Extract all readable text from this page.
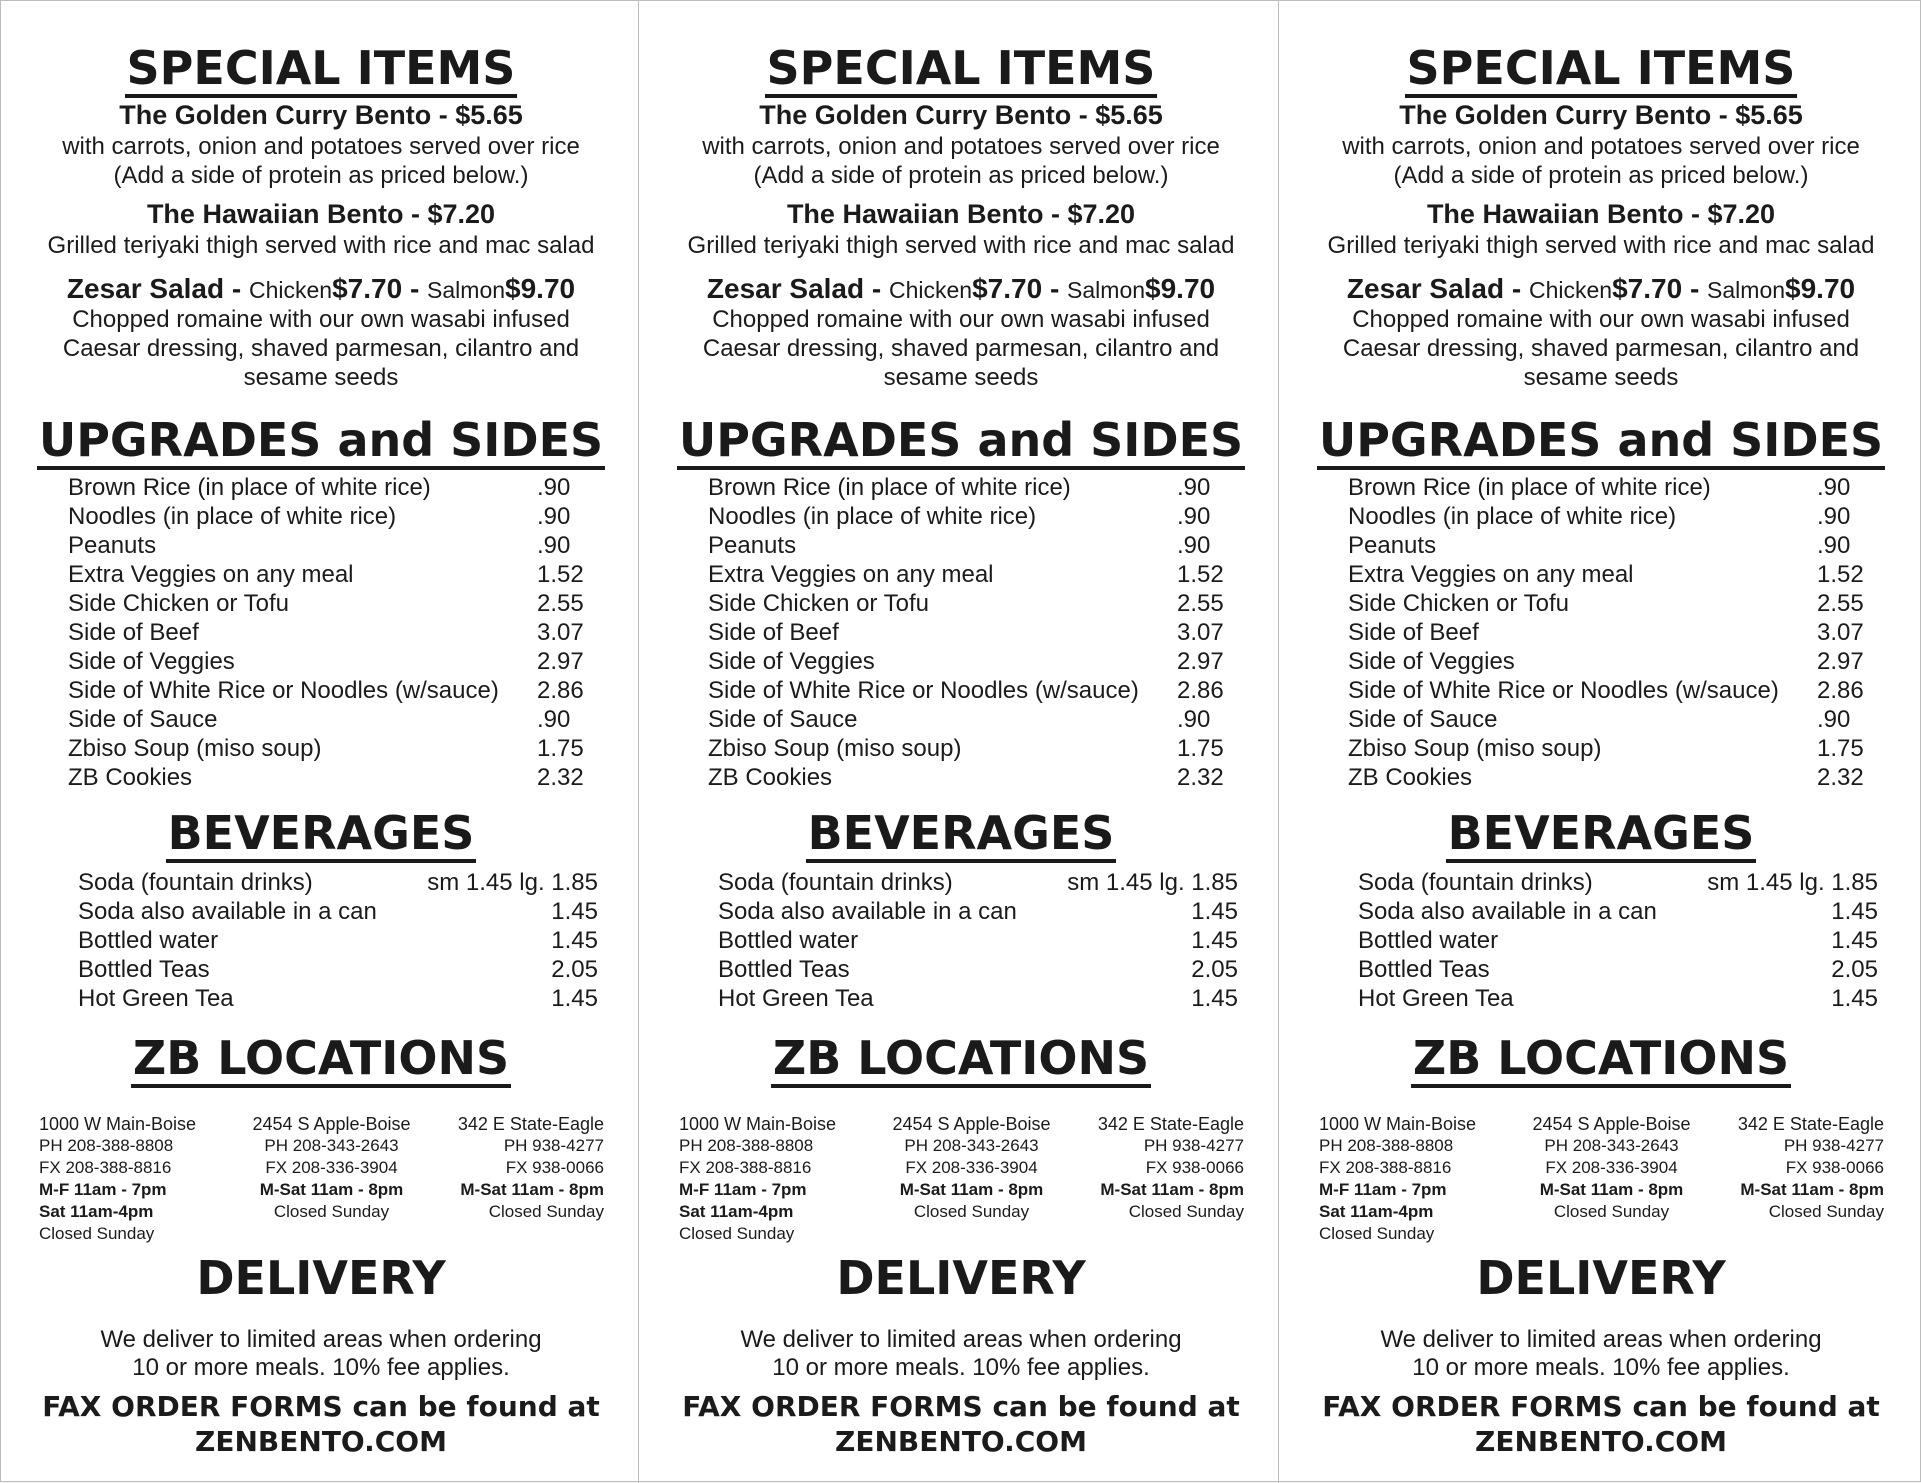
SPECIAL ITEMS
The Golden Curry Bento - $5.65
with carrots, onion and potatoes served over rice
(Add a side of protein as priced below.)
The Hawaiian Bento - $7.20
Grilled teriyaki thigh served with rice and mac salad
Zesar Salad - Chicken$7.70 - Salmon$9.70
Chopped romaine with our own wasabi infused
Caesar dressing, shaved parmesan, cilantro and
sesame seeds
UPGRADES and SIDES
Brown Rice (in place of white rice)	.90
Noodles (in place of white rice)	.90
Peanuts	.90
Extra Veggies on any meal	1.52
Side Chicken or Tofu	2.55
Side of Beef	3.07
Side of Veggies	2.97
Side of White Rice or Noodles (w/sauce) 2.86
Side of Sauce	.90
Zbiso Soup (miso soup)	1.75
ZB Cookies	2.32
BEVERAGES
Soda (fountain drinks)	sm 1.45 lg. 1.85
Soda also available in a can	1.45
Bottled water	1.45
Bottled Teas	2.05
Hot Green Tea	1.45
ZB LOCATIONS
1000 W Main-Boise
PH 208-388-8808
FX 208-388-8816
M-F 11am - 7pm
Sat 11am-4pm
Closed Sunday
2454 S Apple-Boise
PH 208-343-2643
FX 208-336-3904
M-Sat 11am - 8pm
Closed Sunday
342 E State-Eagle
PH 938-4277
FX 938-0066
M-Sat 11am - 8pm
Closed Sunday
DELIVERY
We deliver to limited areas when ordering
10 or more meals. 10% fee applies.
FAX ORDER FORMS can be found at
ZENBENTO.COM
SPECIAL ITEMS
The Golden Curry Bento - $5.65
with carrots, onion and potatoes served over rice
(Add a side of protein as priced below.)
The Hawaiian Bento - $7.20
Grilled teriyaki thigh served with rice and mac salad
Zesar Salad - Chicken$7.70 - Salmon$9.70
Chopped romaine with our own wasabi infused
Caesar dressing, shaved parmesan, cilantro and
sesame seeds
UPGRADES and SIDES
Brown Rice (in place of white rice)	.90
Noodles (in place of white rice)	.90
Peanuts	.90
Extra Veggies on any meal	1.52
Side Chicken or Tofu	2.55
Side of Beef	3.07
Side of Veggies	2.97
Side of White Rice or Noodles (w/sauce) 2.86
Side of Sauce	.90
Zbiso Soup (miso soup)	1.75
ZB Cookies	2.32
BEVERAGES
Soda (fountain drinks)	sm 1.45 lg. 1.85
Soda also available in a can	1.45
Bottled water	1.45
Bottled Teas	2.05
Hot Green Tea	1.45
ZB LOCATIONS
1000 W Main-Boise
PH 208-388-8808
FX 208-388-8816
M-F 11am - 7pm
Sat 11am-4pm
Closed Sunday
2454 S Apple-Boise
PH 208-343-2643
FX 208-336-3904
M-Sat 11am - 8pm
Closed Sunday
342 E State-Eagle
PH 938-4277
FX 938-0066
M-Sat 11am - 8pm
Closed Sunday
DELIVERY
We deliver to limited areas when ordering
10 or more meals. 10% fee applies.
FAX ORDER FORMS can be found at
ZENBENTO.COM
SPECIAL ITEMS
The Golden Curry Bento - $5.65
with carrots, onion and potatoes served over rice
(Add a side of protein as priced below.)
The Hawaiian Bento - $7.20
Grilled teriyaki thigh served with rice and mac salad
Zesar Salad - Chicken$7.70 - Salmon$9.70
Chopped romaine with our own wasabi infused
Caesar dressing, shaved parmesan, cilantro and
sesame seeds
UPGRADES and SIDES
Brown Rice (in place of white rice)	.90
Noodles (in place of white rice)	.90
Peanuts	.90
Extra Veggies on any meal	1.52
Side Chicken or Tofu	2.55
Side of Beef	3.07
Side of Veggies	2.97
Side of White Rice or Noodles (w/sauce) 2.86
Side of Sauce	.90
Zbiso Soup (miso soup)	1.75
ZB Cookies	2.32
BEVERAGES
Soda (fountain drinks)	sm 1.45 lg. 1.85
Soda also available in a can	1.45
Bottled water	1.45
Bottled Teas	2.05
Hot Green Tea	1.45
ZB LOCATIONS
1000 W Main-Boise
PH 208-388-8808
FX 208-388-8816
M-F 11am - 7pm
Sat 11am-4pm
Closed Sunday
2454 S Apple-Boise
PH 208-343-2643
FX 208-336-3904
M-Sat 11am - 8pm
Closed Sunday
342 E State-Eagle
PH 938-4277
FX 938-0066
M-Sat 11am - 8pm
Closed Sunday
DELIVERY
We deliver to limited areas when ordering
10 or more meals. 10% fee applies.
FAX ORDER FORMS can be found at
ZENBENTO.COM
